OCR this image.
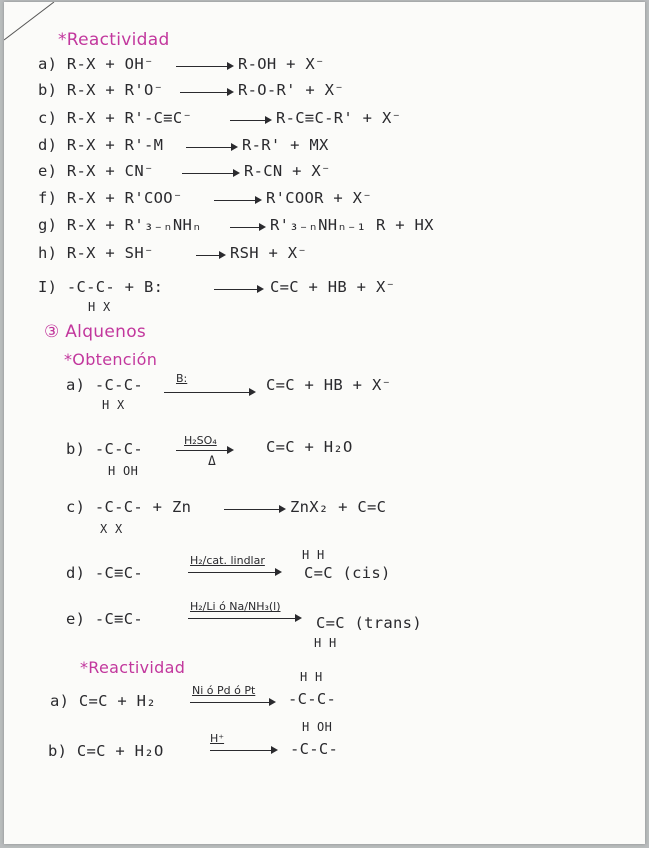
*Reactividad
a) R-X + OH⁻ → R-OH + X⁻
b) R-X + R'O⁻ → R-O-R' + X⁻
c) R-X + R'-C≡C⁻ → R-C≡C-R' + X⁻
d) R-X + R'-M → R-R' + MX
e) R-X + CN⁻ → R-CN + X⁻
f) R-X + R'COO⁻ → R'COOR + X⁻
g) R-X + R'₃₋ₙNHₙ → R'₃₋ₙNHₙ₋₁ R + HX
h) R-X + SH⁻	→ RSH + X⁻
I) -C-C- + B:
H X
→ C=C + HB + X⁻
③ Alquenos
*Obtención
a) -C-C-
H X
B:	C=C + HB + X⁻
b) -C-C-
H OH
H₂SO₄
Δ
C=C + H₂O
c) -C-C- + Zn
X X
→ ZnX₂ + C=C
d) -C≡C-
H₂/cat. lindlar
C=C (cis)
H H
e) -C≡C-
H₂/Li ó Na/NH₃(l)
C=C (trans)
H H
*Reactividad
a) C=C + H₂
Ni ó Pd ó Pt
H H
-C-C-
b) C=C + H₂O
H⁺
H OH
-C-C-
